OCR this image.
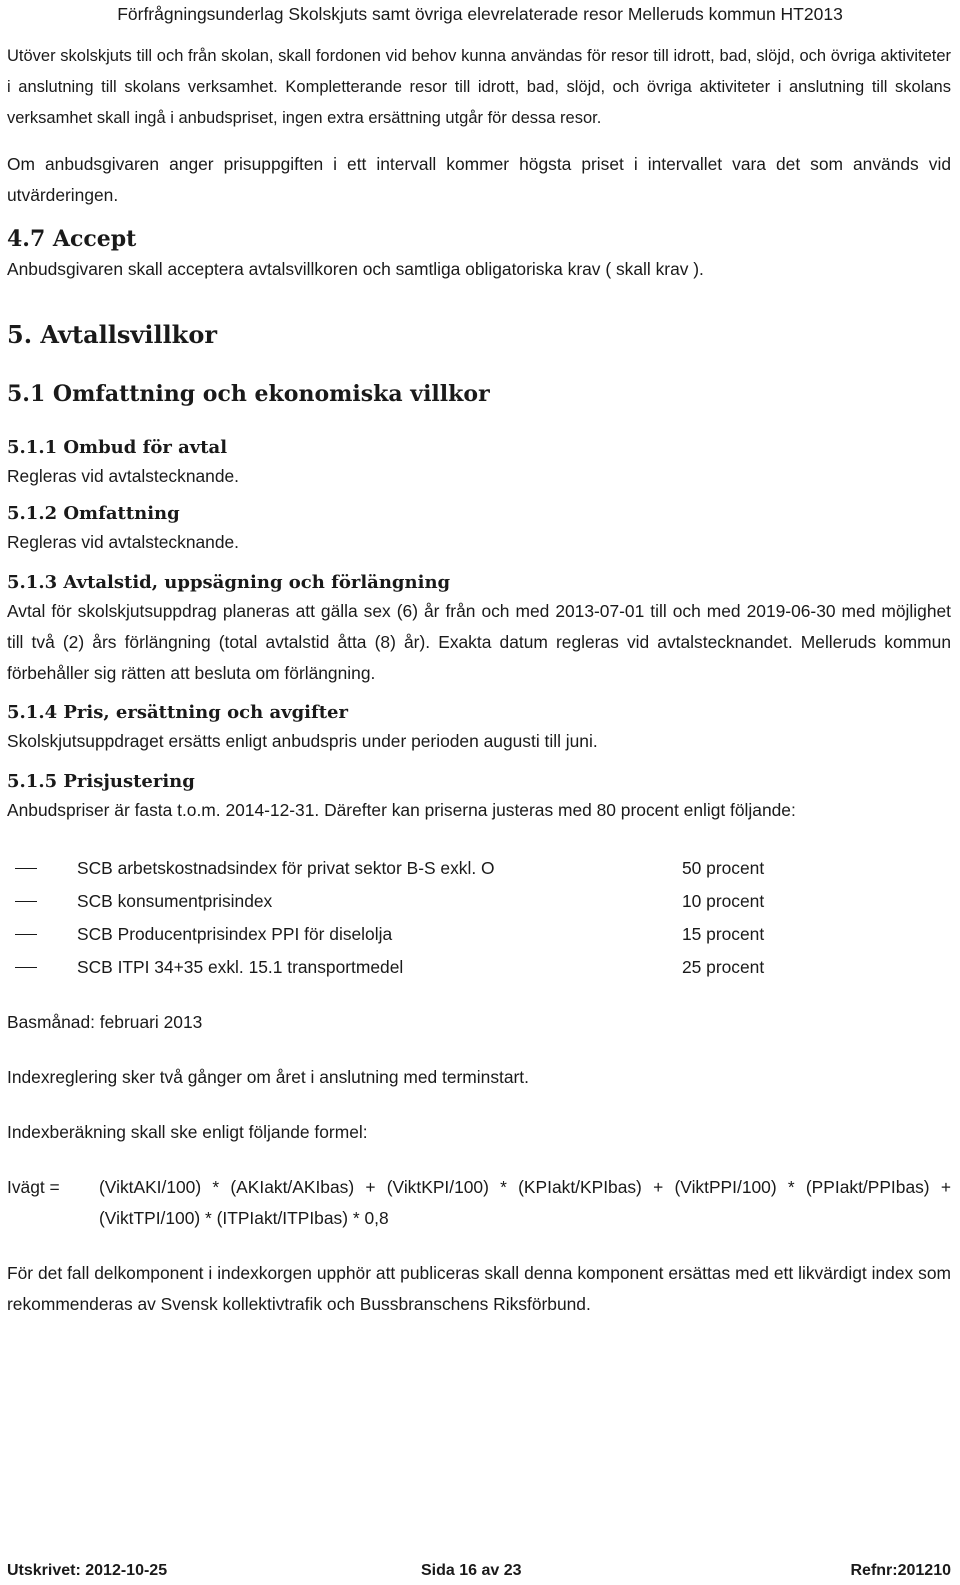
Förfrågningsunderlag Skolskjuts samt övriga elevrelaterade resor Melleruds kommun HT2013

Utöver skolskjuts till och från skolan, skall fordonen vid behov kunna användas för resor till idrott, bad, slöjd, och övriga aktiviteter i anslutning till skolans verksamhet. Kompletterande resor till idrott, bad, slöjd, och övriga aktiviteter i anslutning till skolans verksamhet skall ingå i anbudspriset, ingen extra ersättning utgår för dessa resor.

Om anbudsgivaren anger prisuppgiften i ett intervall kommer högsta priset i intervallet vara det som används vid utvärderingen.

4.7 Accept

Anbudsgivaren skall acceptera avtalsvillkoren och samtliga obligatoriska krav ( skall krav ).

5. Avtallsvillkor
5.1 Omfattning och ekonomiska villkor
5.1.1 Ombud för avtal

Regleras vid avtalstecknande.

5.1.2 Omfattning

Regleras vid avtalstecknande.

5.1.3 Avtalstid, uppsägning och förlängning

Avtal för skolskjutsuppdrag planeras att gälla sex (6) år från och med 2013-07-01 till och med 2019-06-30 med möjlighet till två (2) års förlängning (total avtalstid åtta (8) år). Exakta datum regleras vid avtalstecknandet. Melleruds kommun förbehåller sig rätten att besluta om förlängning.

5.1.4 Pris, ersättning och avgifter

Skolskjutsuppdraget ersätts enligt anbudspris under perioden augusti till juni.

5.1.5 Prisjustering

Anbudspriser är fasta t.o.m. 2014-12-31. Därefter kan priserna justeras med 80 procent enligt följande:

SCB arbetskostnadsindex för privat sektor B-S exkl. O	50 procent
SCB konsumentprisindex	10 procent
SCB Producentprisindex PPI för diselolja	15 procent
SCB ITPI 34+35 exkl. 15.1 transportmedel	25 procent

Basmånad: februari 2013

Indexreglering sker två gånger om året i anslutning med terminstart.

Indexberäkning skall ske enligt följande formel:

Ivägt =	(ViktAKI/100) * (AKIakt/AKIbas) + (ViktKPI/100) * (KPIakt/KPIbas) + (ViktPPI/100) * (PPIakt/PPIbas) + (ViktTPI/100) * (ITPIakt/ITPIbas) * 0,8

För det fall delkomponent i indexkorgen upphör att publiceras skall denna komponent ersättas med ett likvärdigt index som rekommenderas av Svensk kollektivtrafik och Bussbranschens Riksförbund.

Utskrivet: 2012-10-25	Sida 16 av 23	Refnr:201210
